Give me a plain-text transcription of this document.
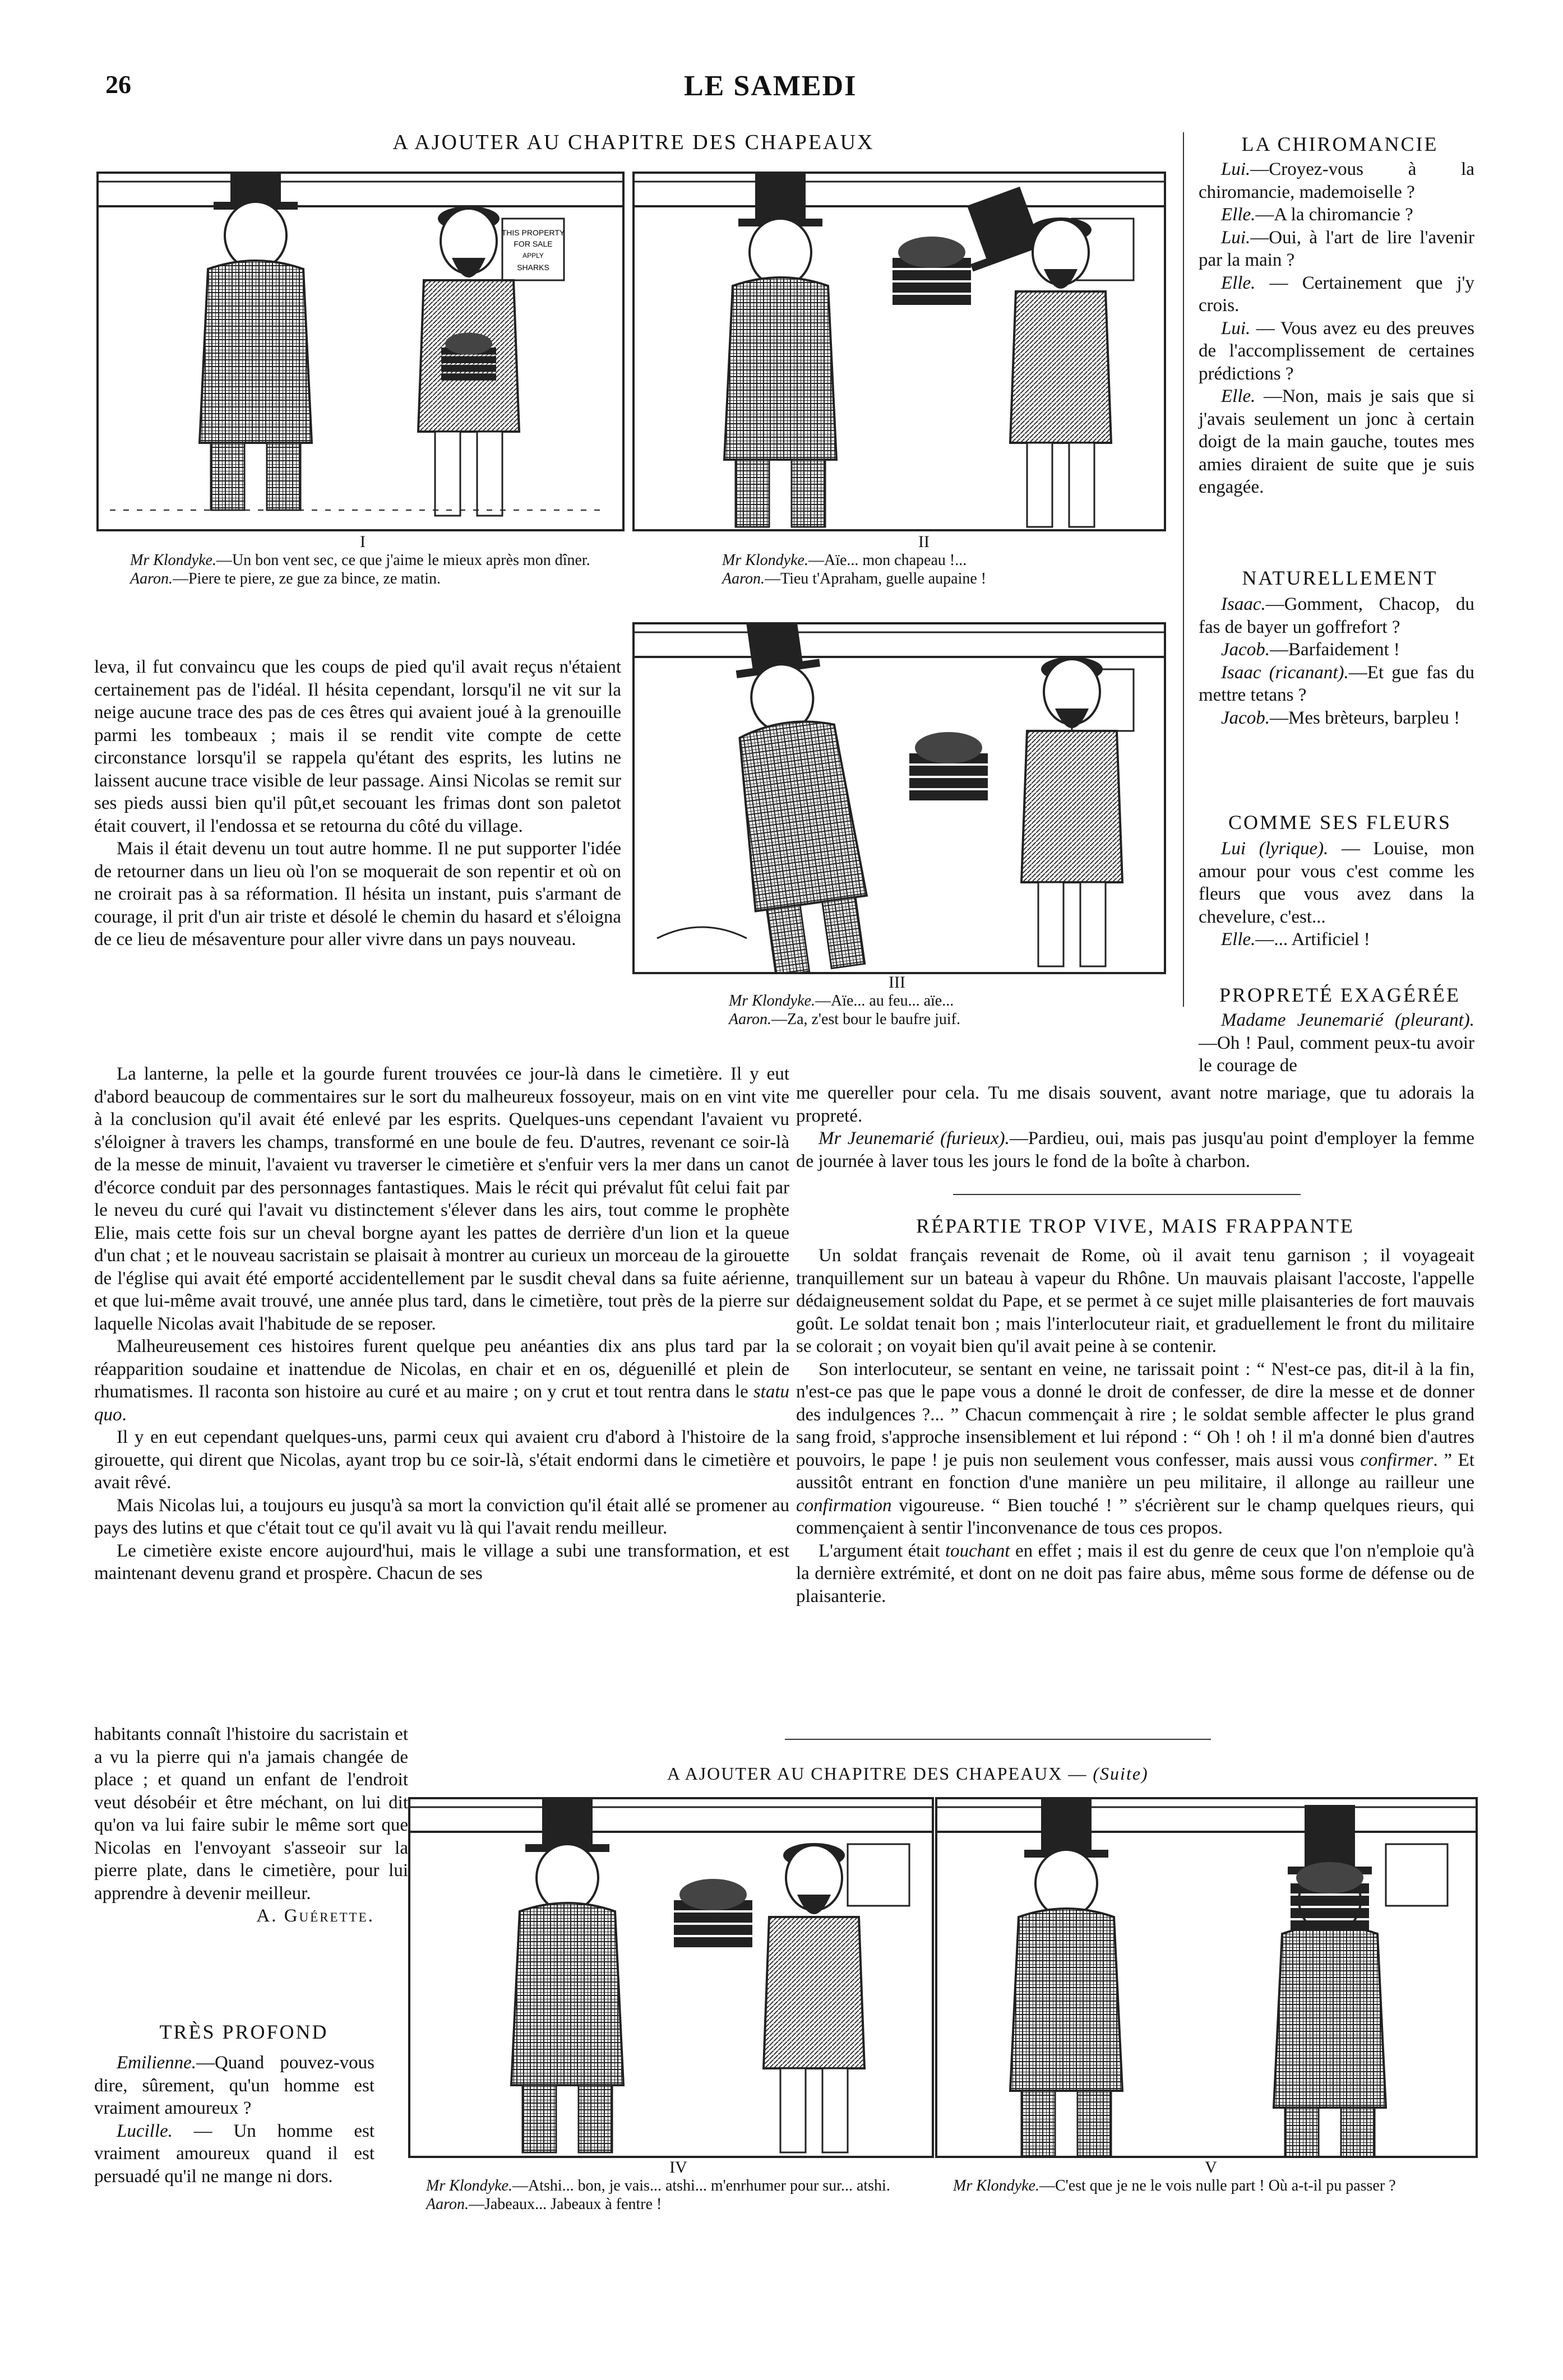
26	LE SAMEDI
A AJOUTER AU CHAPITRE DES CHAPEAUX
THIS PROPERTY
FOR SALE
APPLY
SHARKS
I
Mr Klondyke.—Un bon vent sec, ce que j'aime le mieux après mon dîner.
Aaron.—Piere te piere, ze gue za bince, ze matin.
II
Mr Klondyke.—Aïe... mon chapeau !...
Aaron.—Tieu t'Apraham, guelle aupaine !

leva, il fut convaincu que les coups de pied qu'il avait reçus n'étaient certainement pas de l'idéal. Il hésita cependant, lorsqu'il ne vit sur la neige aucune trace des pas de ces êtres qui avaient joué à la grenouille parmi les tombeaux ; mais il se rendit vite compte de cette circonstance lorsqu'il se rappela qu'étant des esprits, les lutins ne laissent aucune trace visible de leur passage. Ainsi Nicolas se remit sur ses pieds aussi bien qu'il pût,et secouant les frimas dont son paletot était couvert, il l'endossa et se retourna du côté du village.

Mais il était devenu un tout autre homme. Il ne put supporter l'idée de retourner dans un lieu où l'on se moquerait de son repentir et où on ne croirait pas à sa réformation. Il hésita un instant, puis s'armant de courage, il prit d'un air triste et désolé le chemin du hasard et s'éloigna de ce lieu de mésaventure pour aller vivre dans un pays nouveau.

III
Mr Klondyke.—Aïe... au feu... aïe...
Aaron.—Za, z'est bour le baufre juif.

La lanterne, la pelle et la gourde furent trouvées ce jour-là dans le cimetière. Il y eut d'abord beaucoup de commentaires sur le sort du malheureux fossoyeur, mais on en vint vite à la conclusion qu'il avait été enlevé par les esprits. Quelques-uns cependant l'avaient vu s'éloigner à travers les champs, transformé en une boule de feu. D'autres, revenant ce soir-là de la messe de minuit, l'avaient vu traverser le cimetière et s'enfuir vers la mer dans un canot d'écorce conduit par des personnages fantastiques. Mais le récit qui prévalut fût celui fait par le neveu du curé qui l'avait vu distinctement s'élever dans les airs, tout comme le prophète Elie, mais cette fois sur un cheval borgne ayant les pattes de derrière d'un lion et la queue d'un chat ; et le nouveau sacristain se plaisait à montrer au curieux un morceau de la girouette de l'église qui avait été emporté accidentellement par le susdit cheval dans sa fuite aérienne, et que lui-même avait trouvé, une année plus tard, dans le cimetière, tout près de la pierre sur laquelle Nicolas avait l'habitude de se reposer.

Malheureusement ces histoires furent quelque peu anéanties dix ans plus tard par la réapparition soudaine et inattendue de Nicolas, en chair et en os, déguenillé et plein de rhumatismes. Il raconta son histoire au curé et au maire ; on y crut et tout rentra dans le statu quo.

Il y en eut cependant quelques-uns, parmi ceux qui avaient cru d'abord à l'histoire de la girouette, qui dirent que Nicolas, ayant trop bu ce soir-là, s'était endormi dans le cimetière et avait rêvé.

Mais Nicolas lui, a toujours eu jusqu'à sa mort la conviction qu'il était allé se promener au pays des lutins et que c'était tout ce qu'il avait vu là qui l'avait rendu meilleur.

Le cimetière existe encore aujourd'hui, mais le village a subi une transformation, et est maintenant devenu grand et prospère. Chacun de ses

habitants connaît l'histoire du sacristain et a vu la pierre qui n'a jamais changée de place ; et quand un enfant de l'endroit veut désobéir et être méchant, on lui dit qu'on va lui faire subir le même sort que Nicolas en l'envoyant s'asseoir sur la pierre plate, dans le cimetière, pour lui apprendre à devenir meilleur.

A. Guérette.
TRÈS PROFOND

Emilienne.—Quand pouvez-vous dire, sûrement, qu'un homme est vraiment amoureux ?

Lucille. — Un homme est vraiment amoureux quand il est persuadé qu'il ne mange ni dors.

LA CHIROMANCIE

Lui.—Croyez-vous à la chiromancie, mademoiselle ?

Elle.—A la chiromancie ?

Lui.—Oui, à l'art de lire l'avenir par la main ?

Elle. — Certainement que j'y crois.

Lui. — Vous avez eu des preuves de l'accomplissement de certaines prédictions ?

Elle. —Non, mais je sais que si j'avais seulement un jonc à certain doigt de la main gauche, toutes mes amies diraient de suite que je suis engagée.

NATURELLEMENT

Isaac.—Gomment, Chacop, du fas de bayer un goffrefort ?

Jacob.—Barfaidement !

Isaac (ricanant).—Et gue fas du mettre tetans ?

Jacob.—Mes brèteurs, barpleu !

COMME SES FLEURS

Lui (lyrique). — Louise, mon amour pour vous c'est comme les fleurs que vous avez dans la chevelure, c'est...

Elle.—... Artificiel !

PROPRETÉ EXAGÉRÉE

Madame Jeunemarié (pleurant).—Oh ! Paul, comment peux-tu avoir le courage de

me quereller pour cela. Tu me disais souvent, avant notre mariage, que tu adorais la propreté.

Mr Jeunemarié (furieux).—Pardieu, oui, mais pas jusqu'au point d'employer la femme de journée à laver tous les jours le fond de la boîte à charbon.

RÉPARTIE TROP VIVE, MAIS FRAPPANTE

Un soldat français revenait de Rome, où il avait tenu garnison ; il voyageait tranquillement sur un bateau à vapeur du Rhône. Un mauvais plaisant l'accoste, l'appelle dédaigneusement soldat du Pape, et se permet à ce sujet mille plaisanteries de fort mauvais goût. Le soldat tenait bon ; mais l'interlocuteur riait, et graduellement le front du militaire se colorait ; on voyait bien qu'il avait peine à se contenir.

Son interlocuteur, se sentant en veine, ne tarissait point : “ N'est-ce pas, dit-il à la fin, n'est-ce pas que le pape vous a donné le droit de confesser, de dire la messe et de donner des indulgences ?... ” Chacun commençait à rire ; le soldat semble affecter le plus grand sang froid, s'approche insensiblement et lui répond : “ Oh ! oh ! il m'a donné bien d'autres pouvoirs, le pape ! je puis non seulement vous confesser, mais aussi vous confirmer. ” Et aussitôt entrant en fonction d'une manière un peu militaire, il allonge au railleur une confirmation vigoureuse. “ Bien touché ! ” s'écrièrent sur le champ quelques rieurs, qui commençaient à sentir l'inconvenance de tous ces propos.

L'argument était touchant en effet ; mais il est du genre de ceux que l'on n'emploie qu'à la dernière extrémité, et dont on ne doit pas faire abus, même sous forme de défense ou de plaisanterie.

A AJOUTER AU CHAPITRE DES CHAPEAUX — (Suite)
IV
Mr Klondyke.—Atshi... bon, je vais... atshi... m'enrhumer pour sur... atshi.
Aaron.—Jabeaux... Jabeaux à fentre !
V
Mr Klondyke.—C'est que je ne le vois nulle part ! Où a-t-il pu passer ?
